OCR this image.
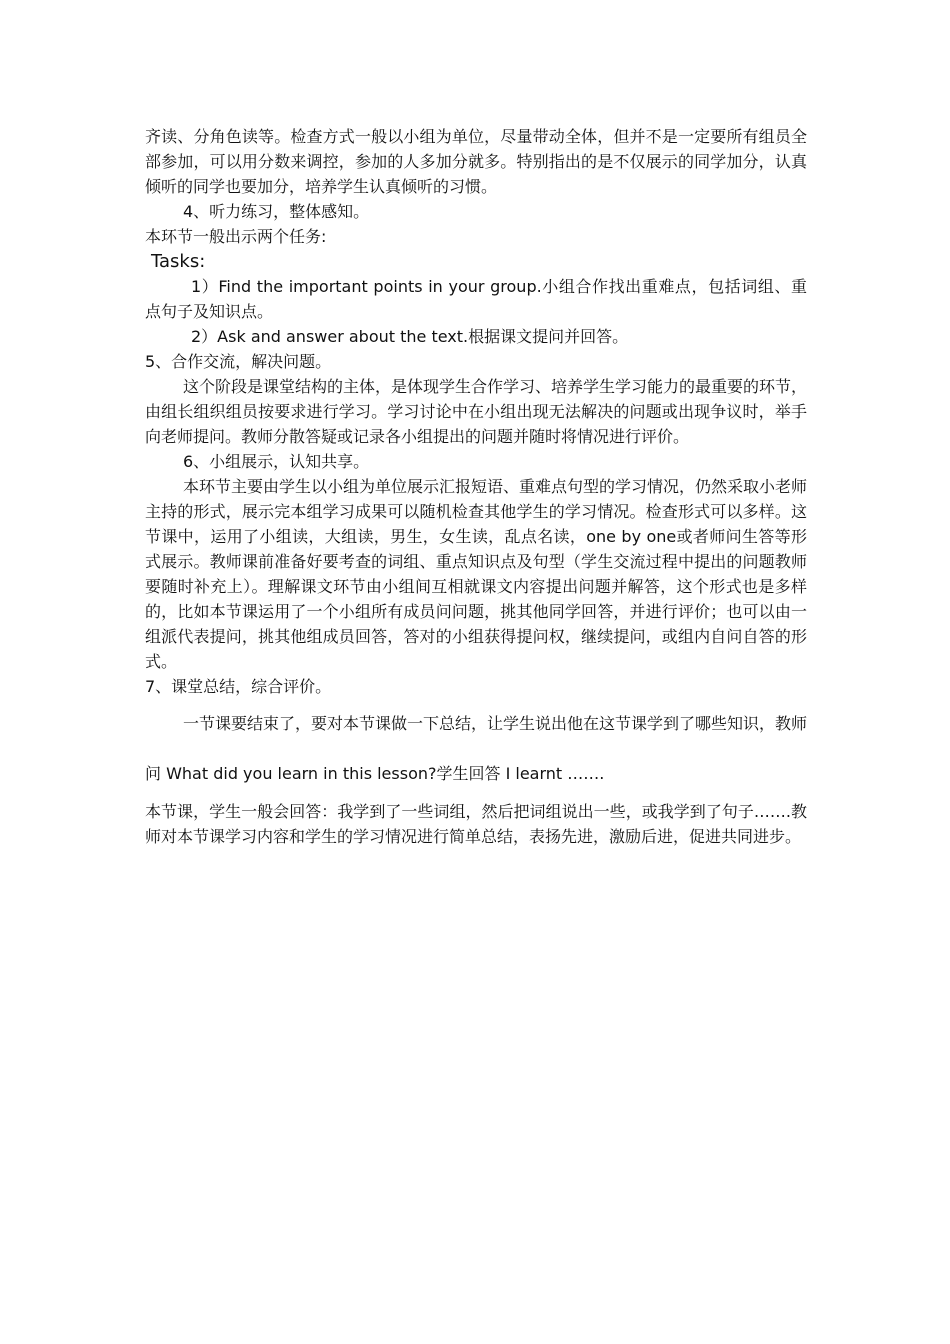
齐读、分角色读等。检查方式一般以小组为单位，尽量带动全体，但并不是一定要所有组员全部参加，可以用分数来调控，参加的人多加分就多。特别指出的是不仅展示的同学加分，认真倾听的同学也要加分，培养学生认真倾听的习惯。

4、听力练习，整体感知。

本环节一般出示两个任务:

Tasks:

1）Find the important points in your group.小组合作找出重难点，包括词组、重点句子及知识点。

2）Ask and answer about the text.根据课文提问并回答。

5、合作交流，解决问题。

这个阶段是课堂结构的主体，是体现学生合作学习、培养学生学习能力的最重要的环节，由组长组织组员按要求进行学习。学习讨论中在小组出现无法解决的问题或出现争议时，举手向老师提问。教师分散答疑或记录各小组提出的问题并随时将情况进行评价。

6、小组展示，认知共享。

本环节主要由学生以小组为单位展示汇报短语、重难点句型的学习情况，仍然采取小老师主持的形式，展示完本组学习成果可以随机检查其他学生的学习情况。检查形式可以多样。这节课中，运用了小组读，大组读，男生，女生读，乱点名读，one by one或者师问生答等形式展示。教师课前准备好要考查的词组、重点知识点及句型（学生交流过程中提出的问题教师要随时补充上）。理解课文环节由小组间互相就课文内容提出问题并解答，这个形式也是多样的，比如本节课运用了一个小组所有成员问问题，挑其他同学回答，并进行评价；也可以由一组派代表提问，挑其他组成员回答，答对的小组获得提问权，继续提问，或组内自问自答的形式。

7、课堂总结，综合评价。

一节课要结束了，要对本节课做一下总结，让学生说出他在这节课学到了哪些知识，教师问 What did you learn in this lesson?学生回答 I learnt …….

本节课，学生一般会回答：我学到了一些词组，然后把词组说出一些，或我学到了句子…….教师对本节课学习内容和学生的学习情况进行简单总结，表扬先进，激励后进，促进共同进步。
